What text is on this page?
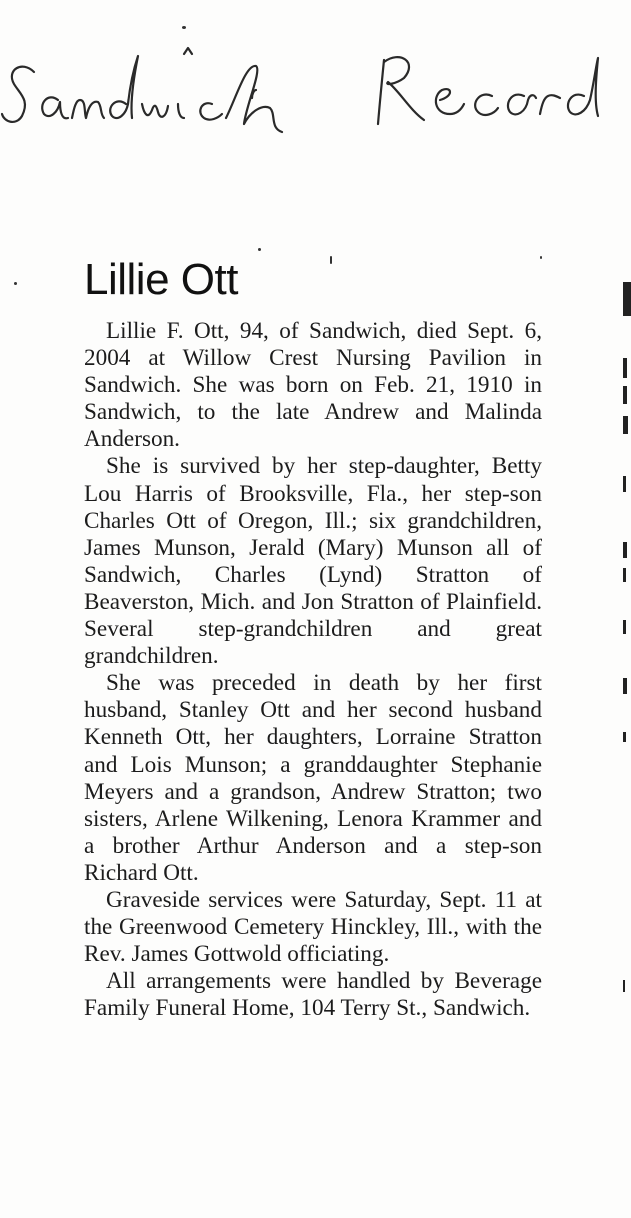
Lillie Ott

Lillie F. Ott, 94, of Sandwich, died Sept. 6, 2004 at Willow Crest Nursing Pavilion in Sandwich. She was born on Feb. 21, 1910 in Sandwich, to the late Andrew and Malinda Anderson.

She is survived by her step-daughter, Betty Lou Harris of Brooksville, Fla., her step-son Charles Ott of Oregon, Ill.; six grandchildren, James Munson, Jerald (Mary) Munson all of Sandwich, Charles (Lynd) Stratton of Beaverston, Mich. and Jon Stratton of Plainfield. Several step-grandchildren and great grandchildren.

She was preceded in death by her first husband, Stanley Ott and her second husband Kenneth Ott, her daughters, Lorraine Stratton and Lois Munson; a granddaughter Stephanie Meyers and a grandson, Andrew Stratton; two sisters, Arlene Wilkening, Lenora Krammer and a brother Arthur Anderson and a step-son Richard Ott.

Graveside services were Saturday, Sept. 11 at the Greenwood Cemetery Hinckley, Ill., with the Rev. James Gottwold officiating.

All arrangements were handled by Beverage Family Funeral Home, 104 Terry St., Sandwich.
